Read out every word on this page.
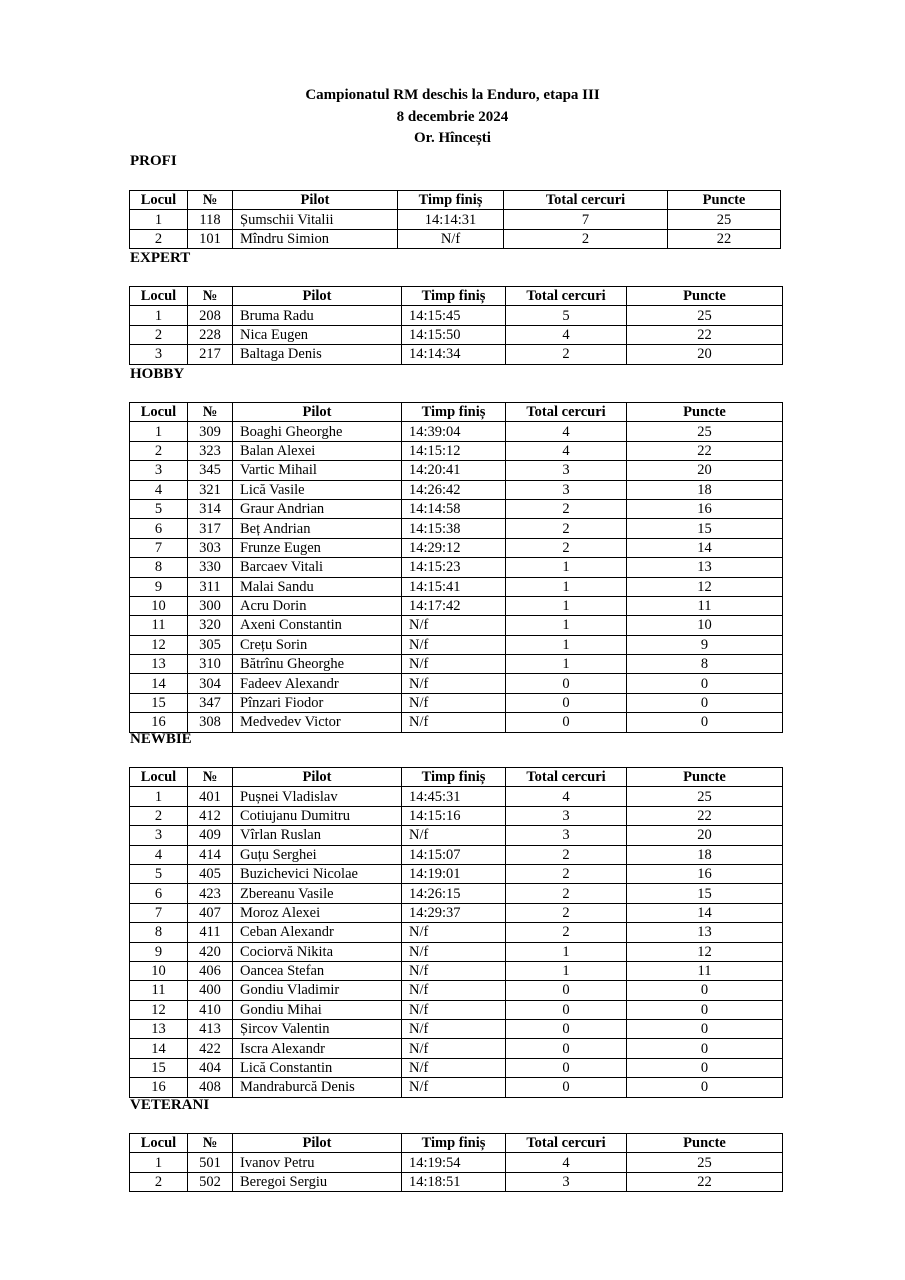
Campionatul RM deschis la Enduro, etapa III
8 decembrie 2024
Or. Hîncești
PROFI
Locul	№	Pilot	Timp finiș	Total cercuri	Puncte
1	118	Șumschii Vitalii	14:14:31	7	25
2	101	Mîndru Simion	N/f	2	22
EXPERT
Locul	№	Pilot	Timp finiș	Total cercuri	Puncte
1	208	Bruma Radu	14:15:45	5	25
2	228	Nica Eugen	14:15:50	4	22
3	217	Baltaga Denis	14:14:34	2	20
HOBBY
Locul	№	Pilot	Timp finiș	Total cercuri	Puncte
1	309	Boaghi Gheorghe	14:39:04	4	25
2	323	Balan Alexei	14:15:12	4	22
3	345	Vartic Mihail	14:20:41	3	20
4	321	Lică Vasile	14:26:42	3	18
5	314	Graur Andrian	14:14:58	2	16
6	317	Beț Andrian	14:15:38	2	15
7	303	Frunze Eugen	14:29:12	2	14
8	330	Barcaev Vitali	14:15:23	1	13
9	311	Malai Sandu	14:15:41	1	12
10	300	Acru Dorin	14:17:42	1	11
11	320	Axeni Constantin	N/f	1	10
12	305	Crețu Sorin	N/f	1	9
13	310	Bătrînu Gheorghe	N/f	1	8
14	304	Fadeev Alexandr	N/f	0	0
15	347	Pînzari Fiodor	N/f	0	0
16	308	Medvedev Victor	N/f	0	0
NEWBIE
Locul	№	Pilot	Timp finiș	Total cercuri	Puncte
1	401	Pușnei Vladislav	14:45:31	4	25
2	412	Cotiujanu Dumitru	14:15:16	3	22
3	409	Vîrlan Ruslan	N/f	3	20
4	414	Guțu Serghei	14:15:07	2	18
5	405	Buzichevici Nicolae	14:19:01	2	16
6	423	Zbereanu Vasile	14:26:15	2	15
7	407	Moroz Alexei	14:29:37	2	14
8	411	Ceban Alexandr	N/f	2	13
9	420	Cociorvă Nikita	N/f	1	12
10	406	Oancea Stefan	N/f	1	11
11	400	Gondiu Vladimir	N/f	0	0
12	410	Gondiu Mihai	N/f	0	0
13	413	Șircov Valentin	N/f	0	0
14	422	Iscra Alexandr	N/f	0	0
15	404	Lică Constantin	N/f	0	0
16	408	Mandraburcă Denis	N/f	0	0
VETERANI
Locul	№	Pilot	Timp finiș	Total cercuri	Puncte
1	501	Ivanov Petru	14:19:54	4	25
2	502	Beregoi Sergiu	14:18:51	3	22
